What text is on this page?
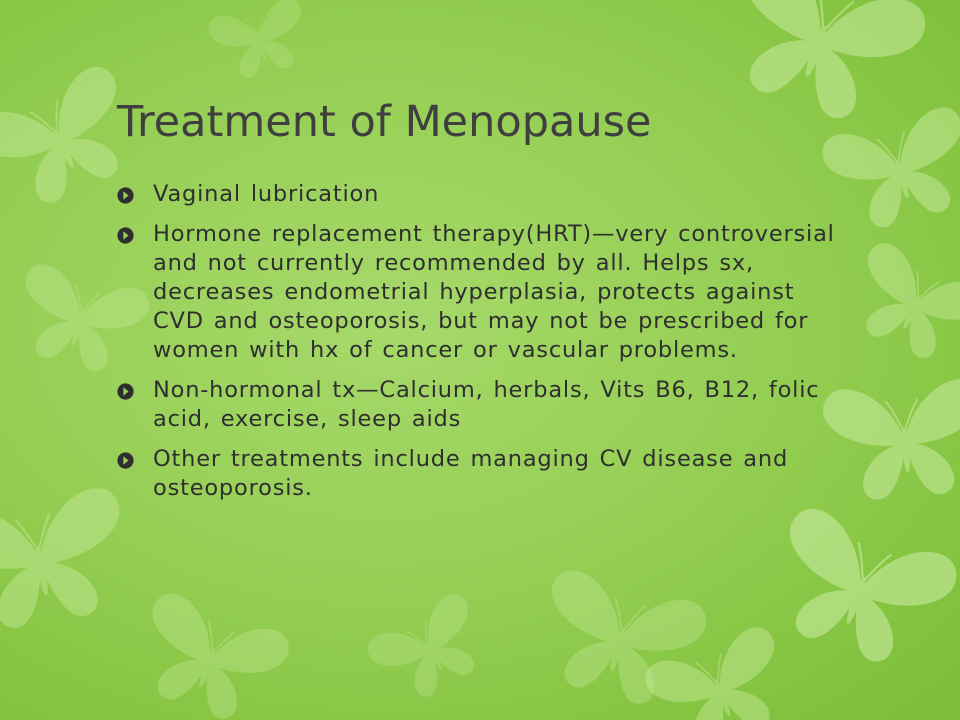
Treatment of Menopause
Vaginal lubrication
Hormone replacement therapy(HRT)—very controversial and not currently recommended by all. Helps sx, decreases endometrial hyperplasia, protects against CVD and osteoporosis, but may not be prescribed for women with hx of cancer or vascular problems.
Non-hormonal tx—Calcium, herbals, Vits B6, B12, folic acid, exercise, sleep aids
Other treatments include managing CV disease and osteoporosis.
